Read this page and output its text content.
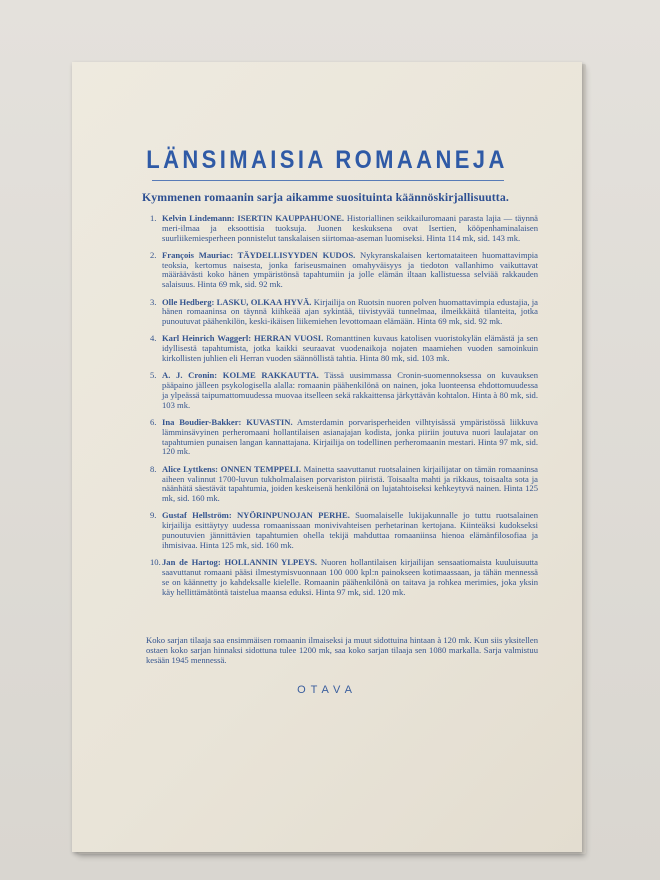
LÄNSIMAISIA ROMAANEJA
Kymmenen romaanin sarja aikamme suosituinta käännöskirjallisuutta.
1. Kelvin Lindemann: ISERTIN KAUPPAHUONE. Historiallinen seikkailuromaani parasta lajia — täynnä meri-ilmaa ja eksoottisia tuoksuja. Juonen keskuksena ovat Isertien, kööpenhaminalaisen suurliikemiesperheen ponnistelut tanskalaisen siirtomaa-aseman luomiseksi. Hinta 114 mk, sid. 143 mk.
2. François Mauriac: TÄYDELLISYYDEN KUDOS. Nykyranskalaisen kertomataiteen huomattavimpia teoksia, kertomus naisesta, jonka fariseusmainen omahyväisyys ja tiedoton vallanhimo vaikuttavat määräävästi koko hänen ympäristönsä tapahtumiin ja jolle elämän iltaan kallistuessa selviää rakkauden salaisuus. Hinta 69 mk, sid. 92 mk.
3. Olle Hedberg: LASKU, OLKAA HYVÄ. Kirjailija on Ruotsin nuoren polven huomattavimpia edustajia, ja hänen romaaninsa on täynnä kiihkeää ajan sykintää, tiivistyvää tunnelmaa, ilmeikkäitä tilanteita, jotka punoutuvat päähenkilön, keski-ikäisen liikemiehen levottomaan elämään. Hinta 69 mk, sid. 92 mk.
4. Karl Heinrich Waggerl: HERRAN VUOSI. Romanttinen kuvaus katolisen vuoristokylän elämästä ja sen idyllisestä tapahtumista, jotka kaikki seuraavat vuodenaikoja nojaten maamiehen vuoden samoinkuin kirkollisten juhlien eli Herran vuoden säännöllistä tahtia. Hinta 80 mk, sid. 103 mk.
5. A. J. Cronin: KOLME RAKKAUTTA. Tässä uusimmassa Cronin-suomennoksessa on kuvauksen pääpaino jälleen psykologisella alalla: romaanin päähenkilönä on nainen, joka luonteensa ehdottomuudessa ja ylpeässä taipumattomuudessa muovaa itselleen sekä rakkaittensa järkyttävän kohtalon. Hinta à 80 mk, sid. 103 mk.
6. Ina Boudier-Bakker: KUVASTIN. Amsterdamin porvarisperheiden vilhtyisässä ympäristössä liikkuva lämminsävyinen perheromaani hollantilaisen asianajajan kodista, jonka piiriin joutuva nuori laulajatar on tapahtumien punaisen langan kannattajana. Kirjailija on todellinen perheromaanin mestari. Hinta 97 mk, sid. 120 mk.
8. Alice Lyttkens: ONNEN TEMPPELI. Mainetta saavuttanut ruotsalainen kirjailijatar on tämän romaaninsa aiheen valinnut 1700-luvun tukholmalaisen porvariston piiristä. Toisaalta mahti ja rikkaus, toisaalta sota ja näänhätä säestävät tapahtumia, joiden keskeisenä henkilönä on lujatahtoiseksi kehkeytyvä nainen. Hinta 125 mk, sid. 160 mk.
9. Gustaf Hellström: NYÖRINPUNOJAN PERHE. Suomalaiselle lukijakunnalle jo tuttu ruotsalainen kirjailija esittäytyy uudessa romaanissaan monivivahteisen perhetarinan kertojana. Kiinteäksi kudokseksi punoutuvien jännittävien tapahtumien ohella tekijä mahduttaa romaaniinsa hienoa elämänfilosofiaa ja ihmisivaa. Hinta 125 mk, sid. 160 mk.
10. Jan de Hartog: HOLLANNIN YLPEYS. Nuoren hollantilaisen kirjailijan sensaatiomaista kuuluisuutta saavuttanut romaani pääsi ilmestymisvuonnaan 100 000 kpl:n painokseen kotimaassaan, ja tähän mennessä se on käännetty jo kahdeksalle kielelle. Romaanin päähenkilönä on taitava ja rohkea merimies, joka yksin käy hellittämätöntä taistelua maansa eduksi. Hinta 97 mk, sid. 120 mk.
Koko sarjan tilaaja saa ensimmäisen romaanin ilmaiseksi ja muut sidottuina hintaan à 120 mk. Kun siis yksitellen ostaen koko sarjan hinnaksi sidottuna tulee 1200 mk, saa koko sarjan tilaaja sen 1080 markalla. Sarja valmistuu kesään 1945 mennessä.
OTAVA
